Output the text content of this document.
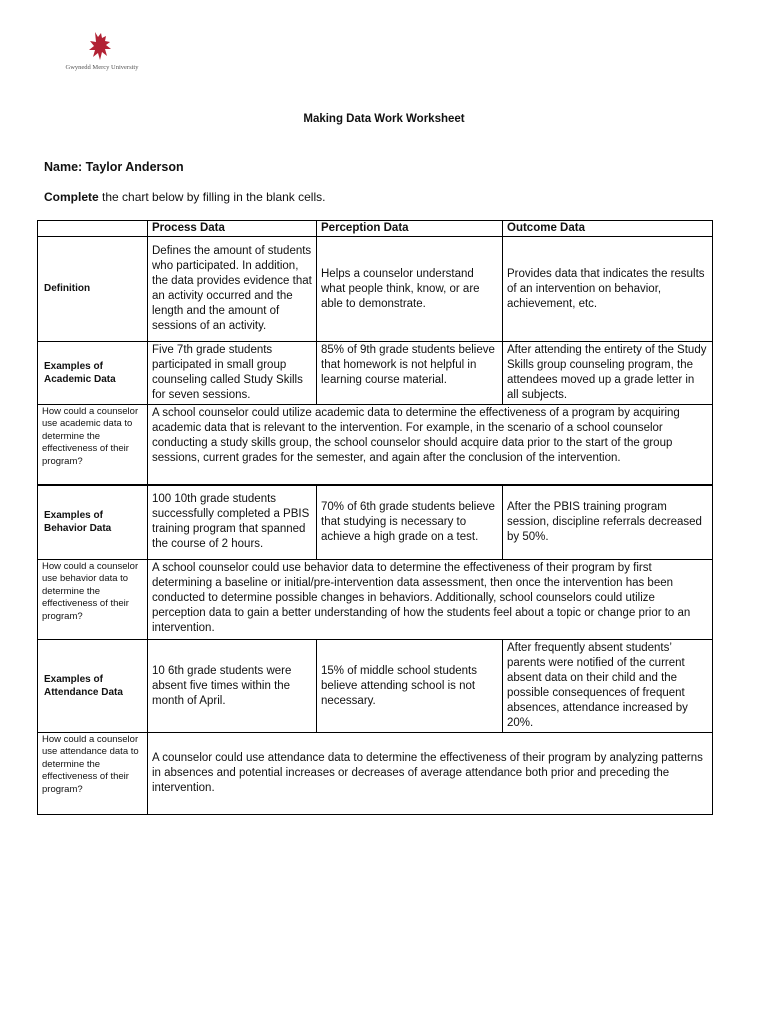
Gwynedd Mercy University
Making Data Work Worksheet
Name: Taylor Anderson
Complete the chart below by filling in the blank cells.
	Process Data	Perception Data	Outcome Data
Definition	Defines the amount of students who participated. In addition, the data provides evidence that an activity occurred and the length and the amount of sessions of an activity.	Helps a counselor understand what people think, know, or are able to demonstrate.	Provides data that indicates the results of an intervention on behavior, achievement, etc.
Examples of Academic Data	Five 7th grade students participated in small group counseling called Study Skills for seven sessions.	85% of 9th grade students believe that homework is not helpful in learning course material.	After attending the entirety of the Study Skills group counseling program, the attendees moved up a grade letter in all subjects.
How could a counselor use academic data to determine the effectiveness of their program?	A school counselor could utilize academic data to determine the effectiveness of a program by acquiring academic data that is relevant to the intervention. For example, in the scenario of a school counselor conducting a study skills group, the school counselor should acquire data prior to the start of the group sessions, current grades for the semester, and again after the conclusion of the intervention.		
Examples of Behavior Data	100 10th grade students successfully completed a PBIS training program that spanned the course of 2 hours.	70% of 6th grade students believe that studying is necessary to achieve a high grade on a test.	After the PBIS training program session, discipline referrals decreased by 50%.
How could a counselor use behavior data to determine the effectiveness of their program?	A school counselor could use behavior data to determine the effectiveness of their program by first determining a baseline or initial/pre-intervention data assessment, then once the intervention has been conducted to determine possible changes in behaviors. Additionally, school counselors could utilize perception data to gain a better understanding of how the students feel about a topic or change prior to an intervention.		
Examples of Attendance Data	10 6th grade students were absent five times within the month of April.	15% of middle school students believe attending school is not necessary.	After frequently absent students’ parents were notified of the current absent data on their child and the possible consequences of frequent absences, attendance increased by 20%.
How could a counselor use attendance data to determine the effectiveness of their program?	A counselor could use attendance data to determine the effectiveness of their program by analyzing patterns in absences and potential increases or decreases of average attendance both prior and preceding the intervention.		
